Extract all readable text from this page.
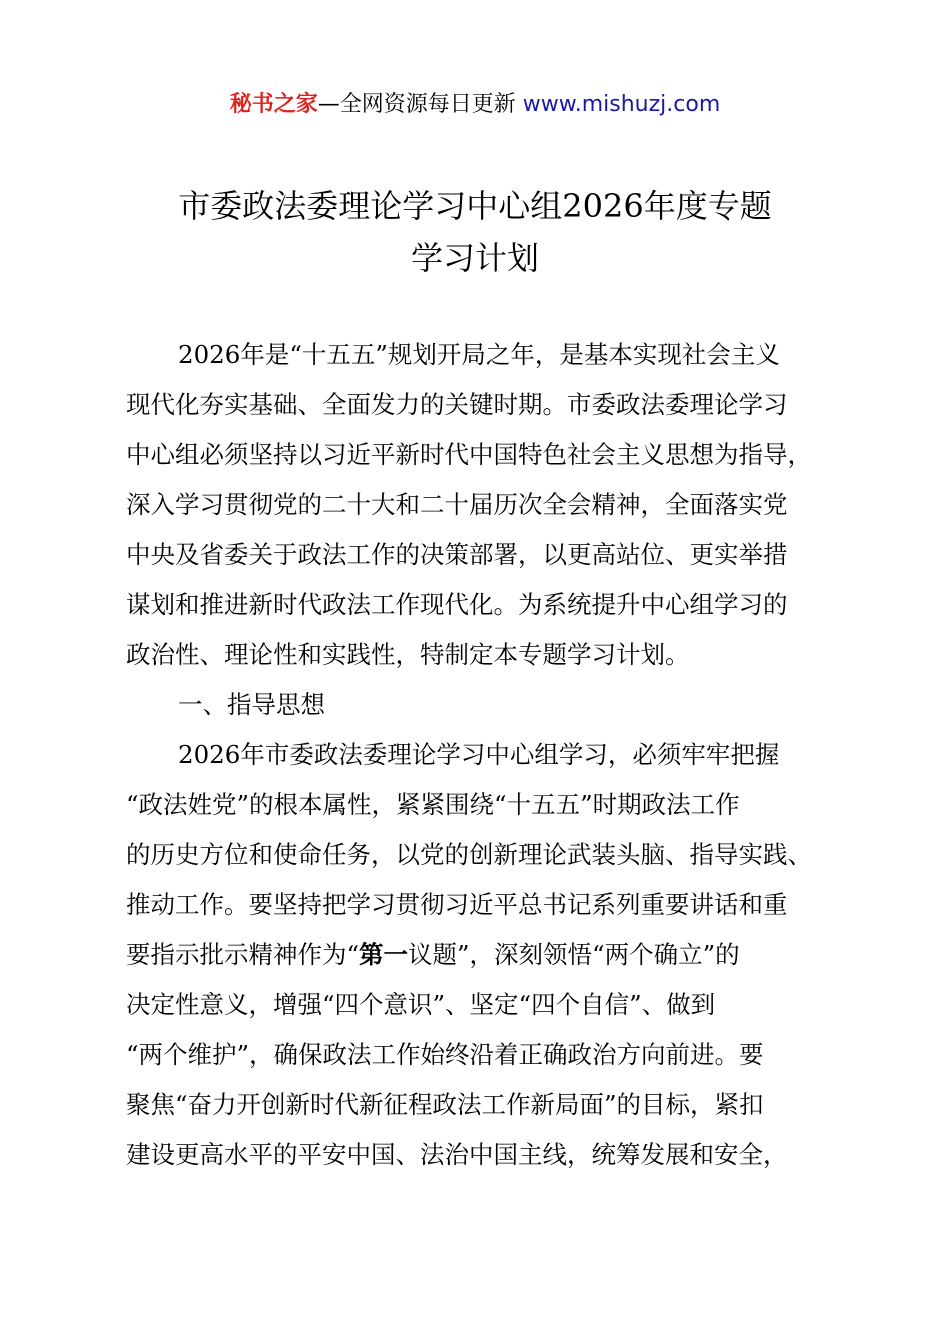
秘书之家—全网资源每日更新 www.mishuzj.com
市委政法委理论学习中心组2026年度专题
学习计划
2026年是“十五五”规划开局之年，是基本实现社会主义
现代化夯实基础、全面发力的关键时期。市委政法委理论学习
中心组必须坚持以习近平新时代中国特色社会主义思想为指导，
深入学习贯彻党的二十大和二十届历次全会精神，全面落实党
中央及省委关于政法工作的决策部署，以更高站位、更实举措
谋划和推进新时代政法工作现代化。为系统提升中心组学习的
政治性、理论性和实践性，特制定本专题学习计划。
一、指导思想
2026年市委政法委理论学习中心组学习，必须牢牢把握
“政法姓党”的根本属性，紧紧围绕“十五五”时期政法工作
的历史方位和使命任务，以党的创新理论武装头脑、指导实践、
推动工作。要坚持把学习贯彻习近平总书记系列重要讲话和重
要指示批示精神作为“第一议题”，深刻领悟“两个确立”的
决定性意义，增强“四个意识”、坚定“四个自信”、做到
“两个维护”，确保政法工作始终沿着正确政治方向前进。要
聚焦“奋力开创新时代新征程政法工作新局面”的目标，紧扣
建设更高水平的平安中国、法治中国主线，统筹发展和安全，
